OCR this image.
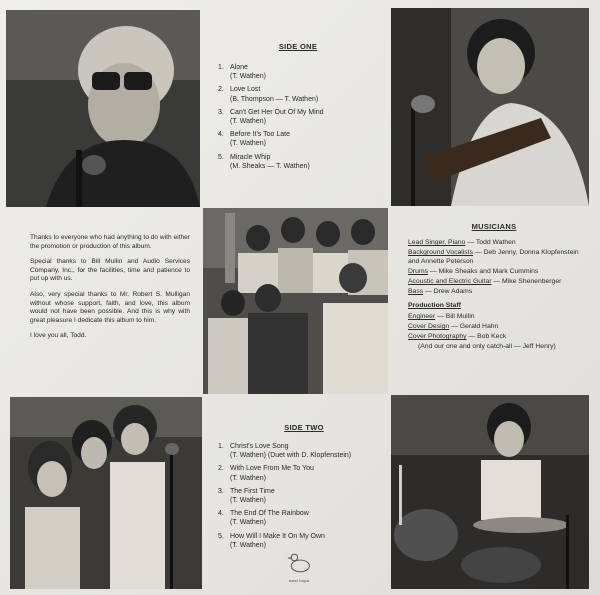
SIDE ONE
1. Alone
(T. Wathen)
2. Love Lost
(B. Thompson — T. Wathen)
3. Can't Get Her Out Of My Mind
(T. Wathen)
4. Before It's Too Late
(T. Wathen)
5. Miracle Whip
(M. Sheaks — T. Wathen)

Thanks to everyone who had anything to do with either the promotion or production of this album.

Special thanks to Bill Mullin and Audio Services Company, Inc., for the facilities, time and patience to put up with us.

Also, very special thanks to Mr. Robert S. Mulligan without whose support, faith, and love, this album would not have been possible. And this is why with great pleasure I dedicate this album to him.

I love you all, Todd.

MUSICIANS
Lead Singer, Piano — Todd Wathen
Background Vocalists — Deb Jenny, Donna Klopfenstein and Annette Peterson
Drums — Mike Sheaks and Mark Cummins
Acoustic and Electric Guitar — Mike Shenenberger
Bass — Drew Adams
Production Staff
Engineer — Bill Mullin
Cover Design — Gerald Hahn
Cover Photography — Bob Keck
(And our one and only catch-all — Jeff Henry)
SIDE TWO
1. Christ's Love Song
(T. Wathen) (Duet with D. Klopfenstein)
2. With Love From Me To You
(T. Wathen)
3. The First Time
(T. Wathen)
4. The End Of The Rainbow
(T. Wathen)
5. How Will I Make It On My Own
(T. Wathen)
sweet fungus
